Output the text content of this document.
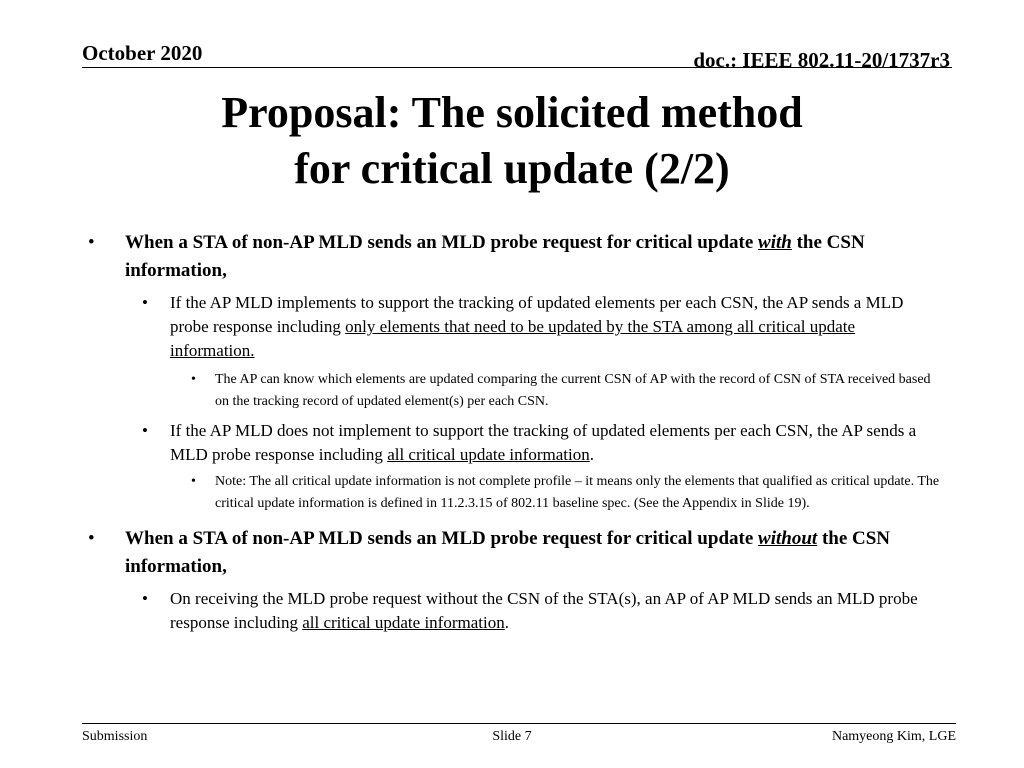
October 2020	doc.: IEEE 802.11-20/1737r3
Proposal: The solicited method
for critical update (2/2)
• When a STA of non-AP MLD sends an MLD probe request for critical update with the CSN information,
• If the AP MLD implements to support the tracking of updated elements per each CSN, the AP sends a MLD probe response including only elements that need to be updated by the STA among all critical update information.
• The AP can know which elements are updated comparing the current CSN of AP with the record of CSN of STA received based on the tracking record of updated element(s) per each CSN.
• If the AP MLD does not implement to support the tracking of updated elements per each CSN, the AP sends a MLD probe response including all critical update information.
• Note: The all critical update information is not complete profile – it means only the elements that qualified as critical update. The critical update information is defined in 11.2.3.15 of 802.11 baseline spec. (See the Appendix in Slide 19).
• When a STA of non-AP MLD sends an MLD probe request for critical update without the CSN information,
• On receiving the MLD probe request without the CSN of the STA(s), an AP of AP MLD sends an MLD probe response including all critical update information.
Submission	Slide 7	Namyeong Kim, LGE
